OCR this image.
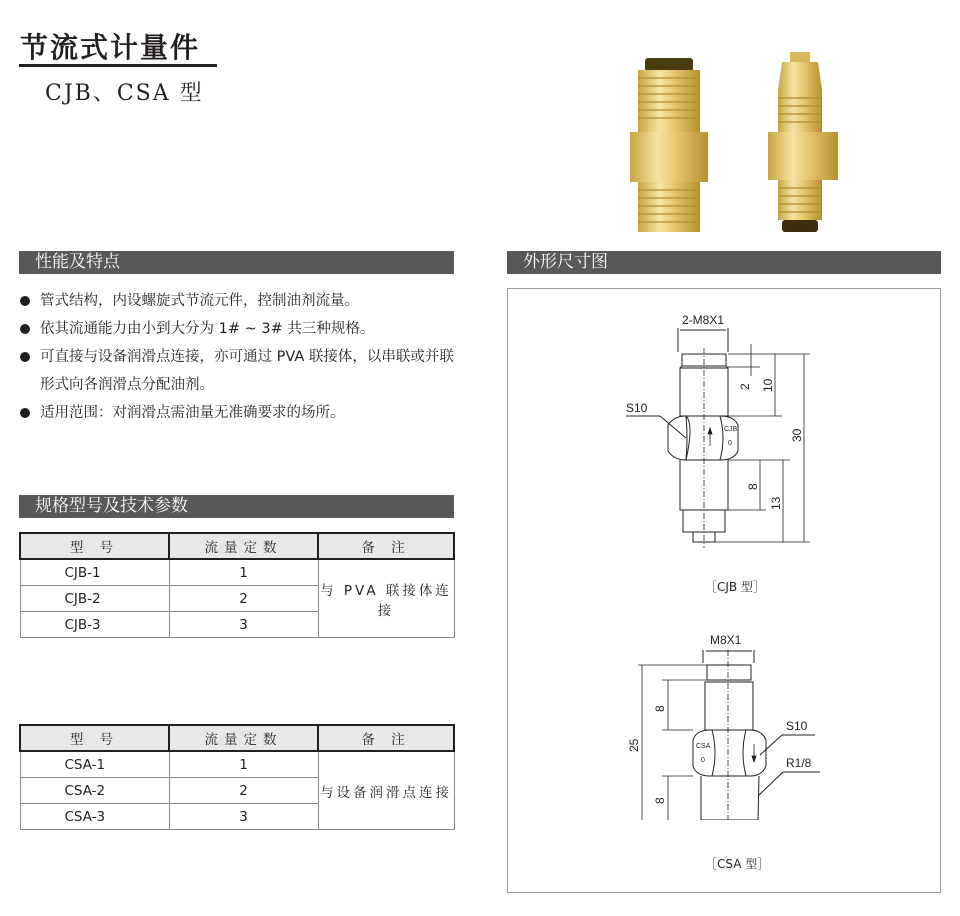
节流式计量件
CJB、CSA 型
性能及特点
管式结构，内设螺旋式节流元件，控制油剂流量。
依其流通能力由小到大分为 1# ~ 3# 共三种规格。
可直接与设备润滑点连接，亦可通过 PVA 联接体，以串联或并联形式向各润滑点分配油剂。
适用范围：对润滑点需油量无准确要求的场所。
规格型号及技术参数
型 号	流量定数	备 注
CJB-1	1	与 PVA 联接体连接
CJB-2	2	
CJB-3	3	
型 号	流量定数	备 注
CSA-1	1	与设备润滑点连接
CSA-2	2	
CSA-3	3	
外形尺寸图
2-M8X1
S10
CJB
0
2 10
30
8
13
［CJB 型］
M8X1
S10
R1/8
CSA
0
25
8
8
［CSA 型］
